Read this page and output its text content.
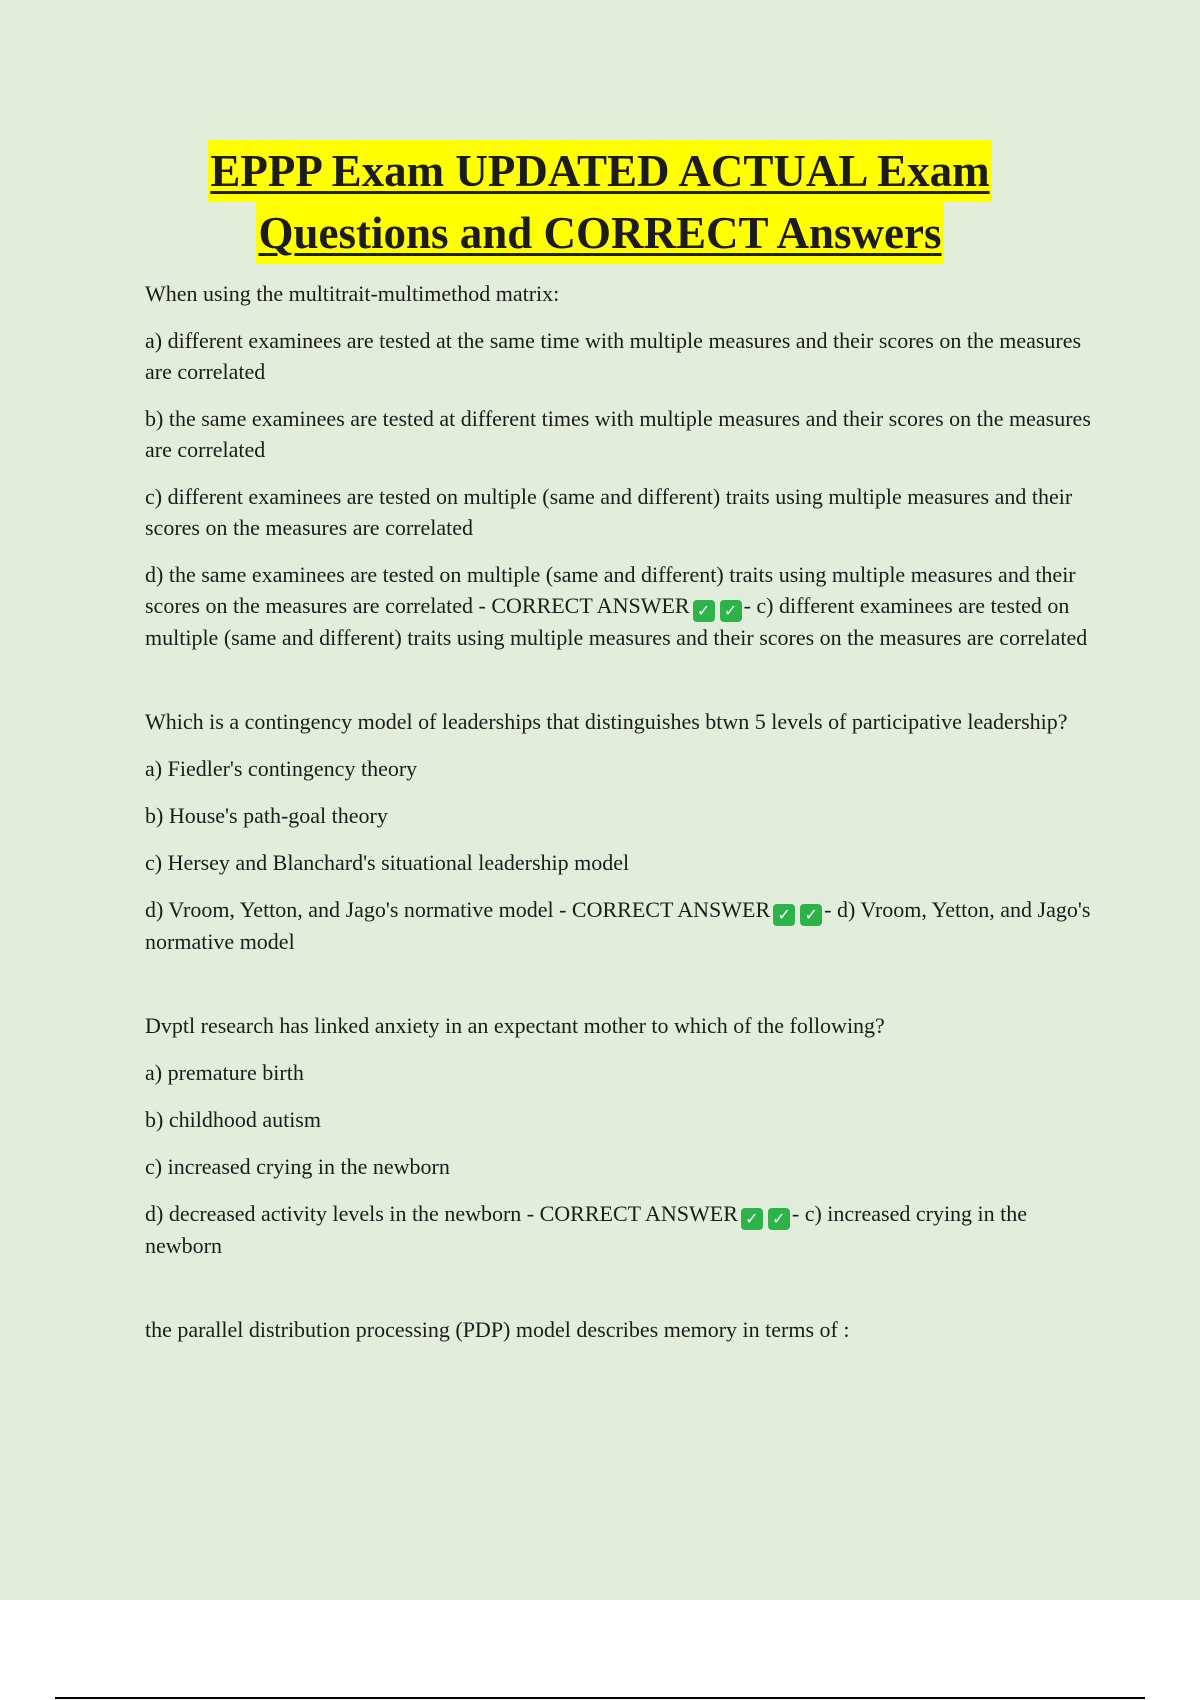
EPPP Exam UPDATED ACTUAL Exam
Questions and CORRECT Answers

When using the multitrait-multimethod matrix:

a) different examinees are tested at the same time with multiple measures and their scores on the measures are correlated

b) the same examinees are tested at different times with multiple measures and their scores on the measures are correlated

c) different examinees are tested on multiple (same and different) traits using multiple measures and their scores on the measures are correlated

d) the same examinees are tested on multiple (same and different) traits using multiple measures and their scores on the measures are correlated - CORRECT ANSWER ✓ ✓ - c) different examinees are tested on multiple (same and different) traits using multiple measures and their scores on the measures are correlated

Which is a contingency model of leaderships that distinguishes btwn 5 levels of participative leadership?

a) Fiedler's contingency theory

b) House's path-goal theory

c) Hersey and Blanchard's situational leadership model

d) Vroom, Yetton, and Jago's normative model - CORRECT ANSWER ✓ ✓ - d) Vroom, Yetton, and Jago's normative model

Dvptl research has linked anxiety in an expectant mother to which of the following?

a) premature birth

b) childhood autism

c) increased crying in the newborn

d) decreased activity levels in the newborn - CORRECT ANSWER ✓ ✓ - c) increased crying in the newborn

the parallel distribution processing (PDP) model describes memory in terms of :
